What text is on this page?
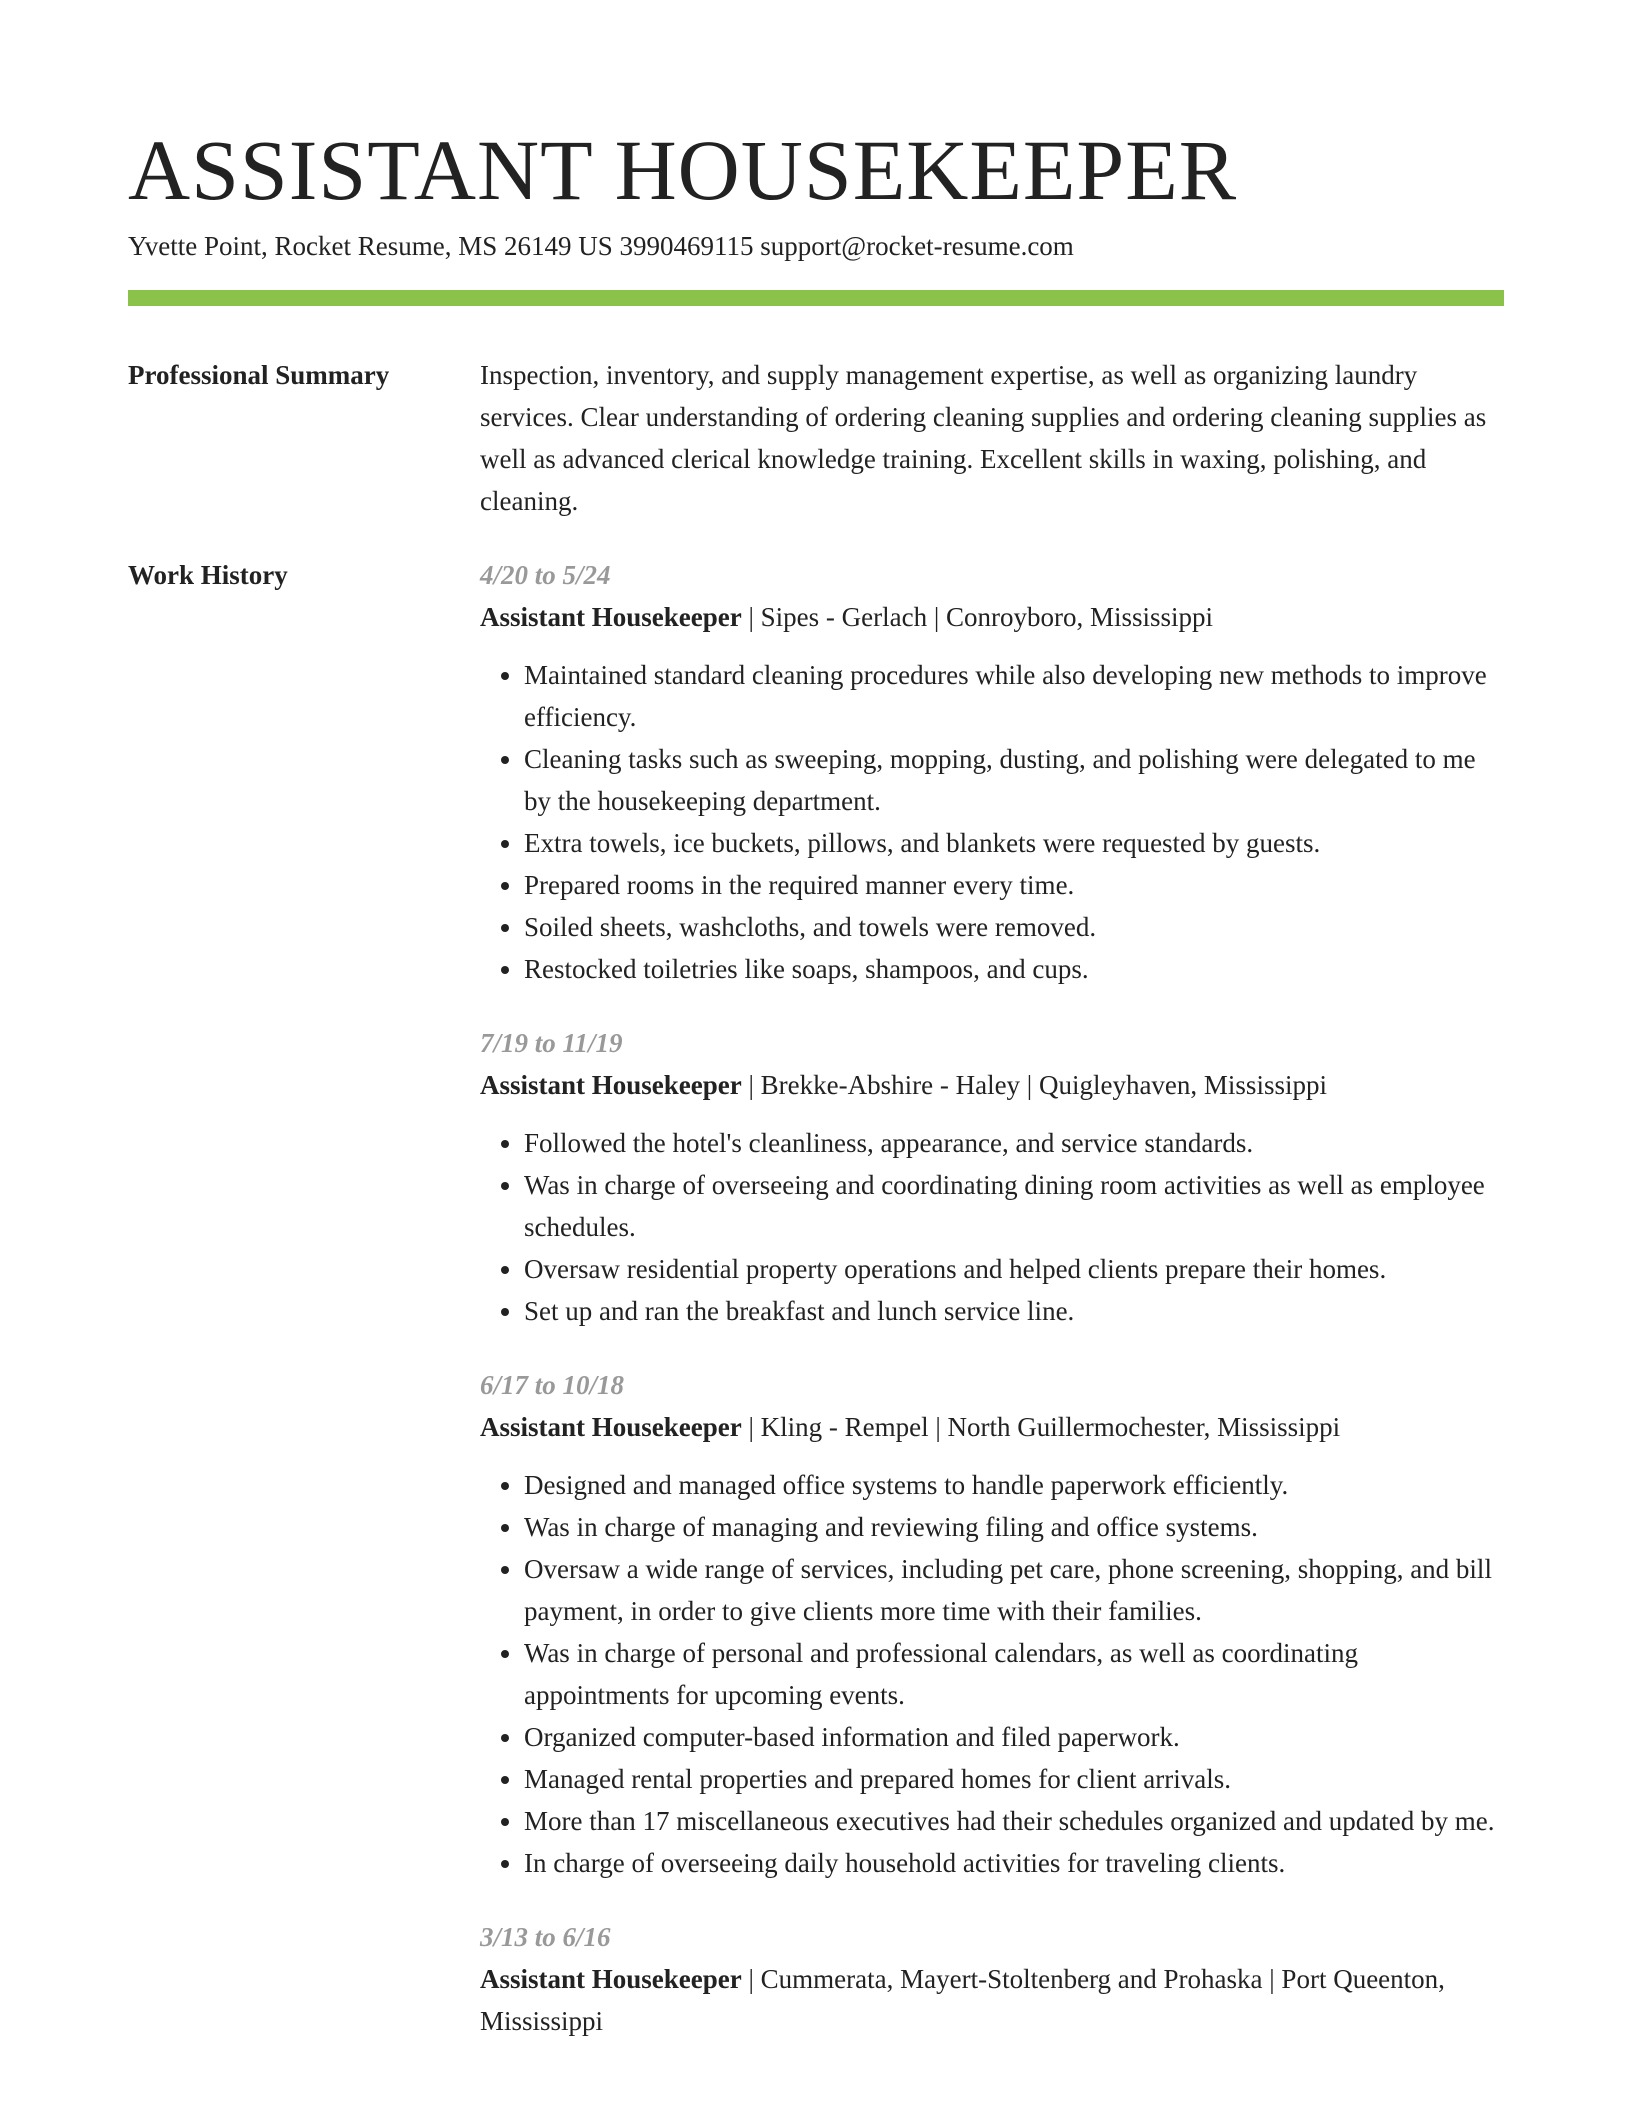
ASSISTANT HOUSEKEEPER
Yvette Point, Rocket Resume, MS 26149 US 3990469115 support@rocket-resume.com
Professional Summary	Inspection, inventory, and supply management expertise, as well as organizing laundry services. Clear understanding of ordering cleaning supplies and ordering cleaning supplies as well as advanced clerical knowledge training. Excellent skills in waxing, polishing, and cleaning.

Work History	4/20 to 5/24
Assistant Housekeeper | Sipes - Gerlach | Conroyboro, Mississippi
• Maintained standard cleaning procedures while also developing new methods to improve efficiency.
• Cleaning tasks such as sweeping, mopping, dusting, and polishing were delegated to me by the housekeeping department.
• Extra towels, ice buckets, pillows, and blankets were requested by guests.
• Prepared rooms in the required manner every time.
• Soiled sheets, washcloths, and towels were removed.
• Restocked toiletries like soaps, shampoos, and cups.
7/19 to 11/19
Assistant Housekeeper | Brekke-Abshire - Haley | Quigleyhaven, Mississippi
• Followed the hotel's cleanliness, appearance, and service standards.
• Was in charge of overseeing and coordinating dining room activities as well as employee schedules.
• Oversaw residential property operations and helped clients prepare their homes.
• Set up and ran the breakfast and lunch service line.
6/17 to 10/18
Assistant Housekeeper | Kling - Rempel | North Guillermochester, Mississippi
• Designed and managed office systems to handle paperwork efficiently.
• Was in charge of managing and reviewing filing and office systems.
• Oversaw a wide range of services, including pet care, phone screening, shopping, and bill payment, in order to give clients more time with their families.
• Was in charge of personal and professional calendars, as well as coordinating appointments for upcoming events.
• Organized computer-based information and filed paperwork.
• Managed rental properties and prepared homes for client arrivals.
• More than 17 miscellaneous executives had their schedules organized and updated by me.
• In charge of overseeing daily household activities for traveling clients.
3/13 to 6/16
Assistant Housekeeper | Cummerata, Mayert-Stoltenberg and Prohaska | Port Queenton, Mississippi
